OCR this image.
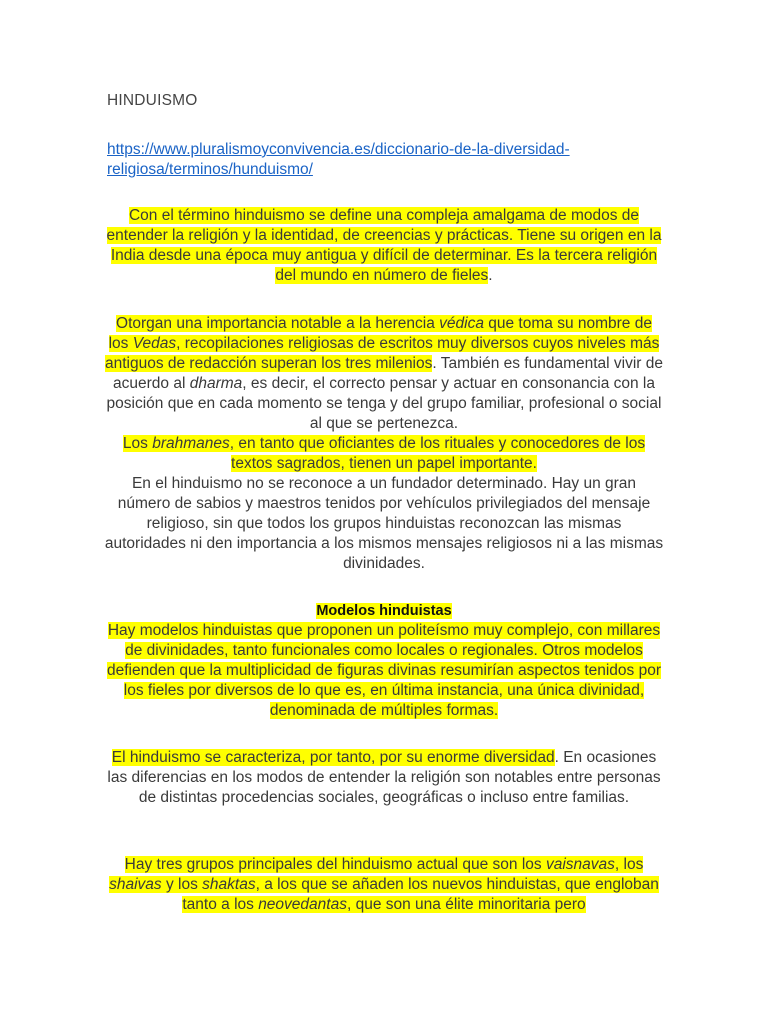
HINDUISMO
https://www.pluralismoyconvivencia.es/diccionario-de-la-diversidad-religiosa/terminos/hunduismo/
Con el término hinduismo se define una compleja amalgama de modos de entender la religión y la identidad, de creencias y prácticas. Tiene su origen en la India desde una época muy antigua y difícil de determinar. Es la tercera religión del mundo en número de fieles.
Otorgan una importancia notable a la herencia védica que toma su nombre de los Vedas, recopilaciones religiosas de escritos muy diversos cuyos niveles más antiguos de redacción superan los tres milenios. También es fundamental vivir de acuerdo al dharma, es decir, el correcto pensar y actuar en consonancia con la posición que en cada momento se tenga y del grupo familiar, profesional o social al que se pertenezca.
Los brahmanes, en tanto que oficiantes de los rituales y conocedores de los textos sagrados, tienen un papel importante.
En el hinduismo no se reconoce a un fundador determinado. Hay un gran número de sabios y maestros tenidos por vehículos privilegiados del mensaje religioso, sin que todos los grupos hinduistas reconozcan las mismas autoridades ni den importancia a los mismos mensajes religiosos ni a las mismas divinidades.
Modelos hinduistas
Hay modelos hinduistas que proponen un politeísmo muy complejo, con millares de divinidades, tanto funcionales como locales o regionales. Otros modelos defienden que la multiplicidad de figuras divinas resumirían aspectos tenidos por los fieles por diversos de lo que es, en última instancia, una única divinidad, denominada de múltiples formas.
El hinduismo se caracteriza, por tanto, por su enorme diversidad. En ocasiones las diferencias en los modos de entender la religión son notables entre personas de distintas procedencias sociales, geográficas o incluso entre familias.
Hay tres grupos principales del hinduismo actual que son los vaisnavas, los shaivas y los shaktas, a los que se añaden los nuevos hinduistas, que engloban tanto a los neovedantas, que son una élite minoritaria pero
